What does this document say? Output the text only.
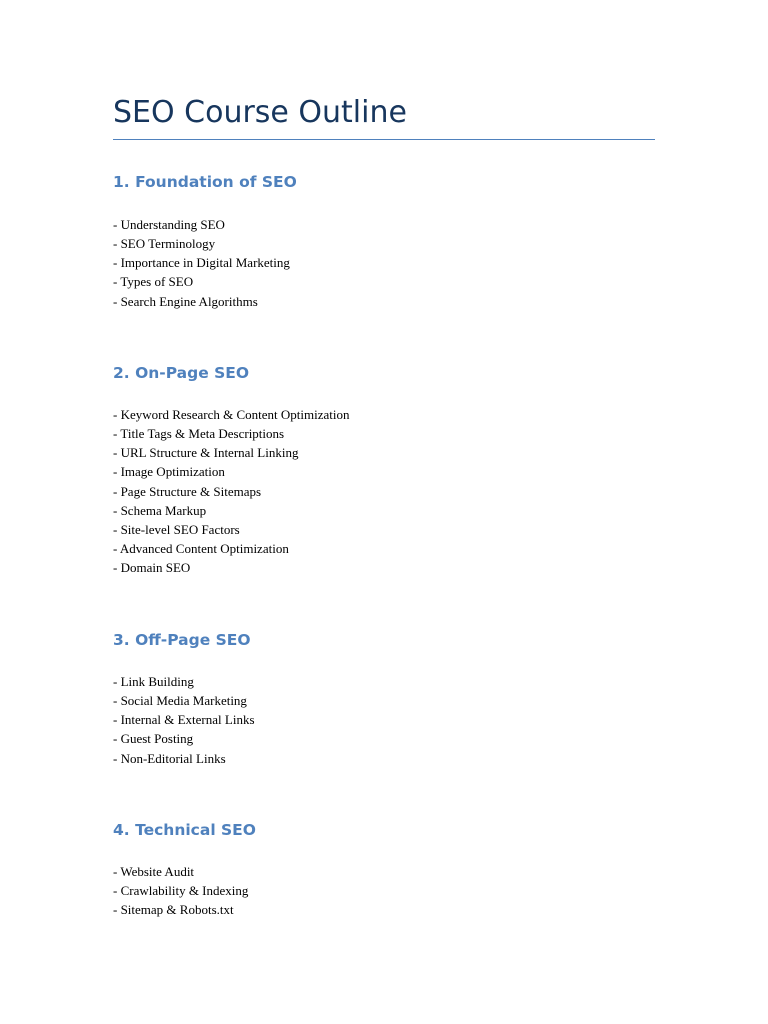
SEO Course Outline
1. Foundation of SEO
- Understanding SEO
- SEO Terminology
- Importance in Digital Marketing
- Types of SEO
- Search Engine Algorithms
2. On-Page SEO
- Keyword Research & Content Optimization
- Title Tags & Meta Descriptions
- URL Structure & Internal Linking
- Image Optimization
- Page Structure & Sitemaps
- Schema Markup
- Site-level SEO Factors
- Advanced Content Optimization
- Domain SEO
3. Off-Page SEO
- Link Building
- Social Media Marketing
- Internal & External Links
- Guest Posting
- Non-Editorial Links
4. Technical SEO
- Website Audit
- Crawlability & Indexing
- Sitemap & Robots.txt
